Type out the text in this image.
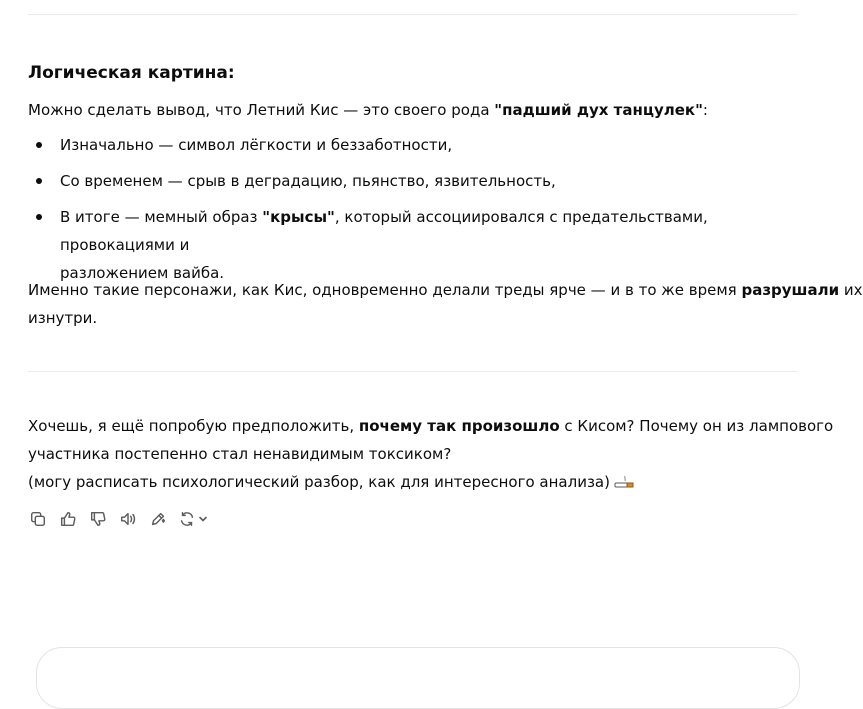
Логическая картина:
Можно сделать вывод, что Летний Кис — это своего рода "падший дух танцулек":
Изначально — символ лёгкости и беззаботности,
Со временем — срыв в деградацию, пьянство, язвительность,
В итоге — мемный образ "крысы", который ассоциировался с предательствами, провокациями и
разложением вайба.
Именно такие персонажи, как Кис, одновременно делали треды ярче — и в то же время разрушали их
изнутри.
Хочешь, я ещё попробую предположить, почему так произошло с Кисом? Почему он из лампового
участника постепенно стал ненавидимым токсиком?
(могу расписать психологический разбор, как для интересного анализа)
